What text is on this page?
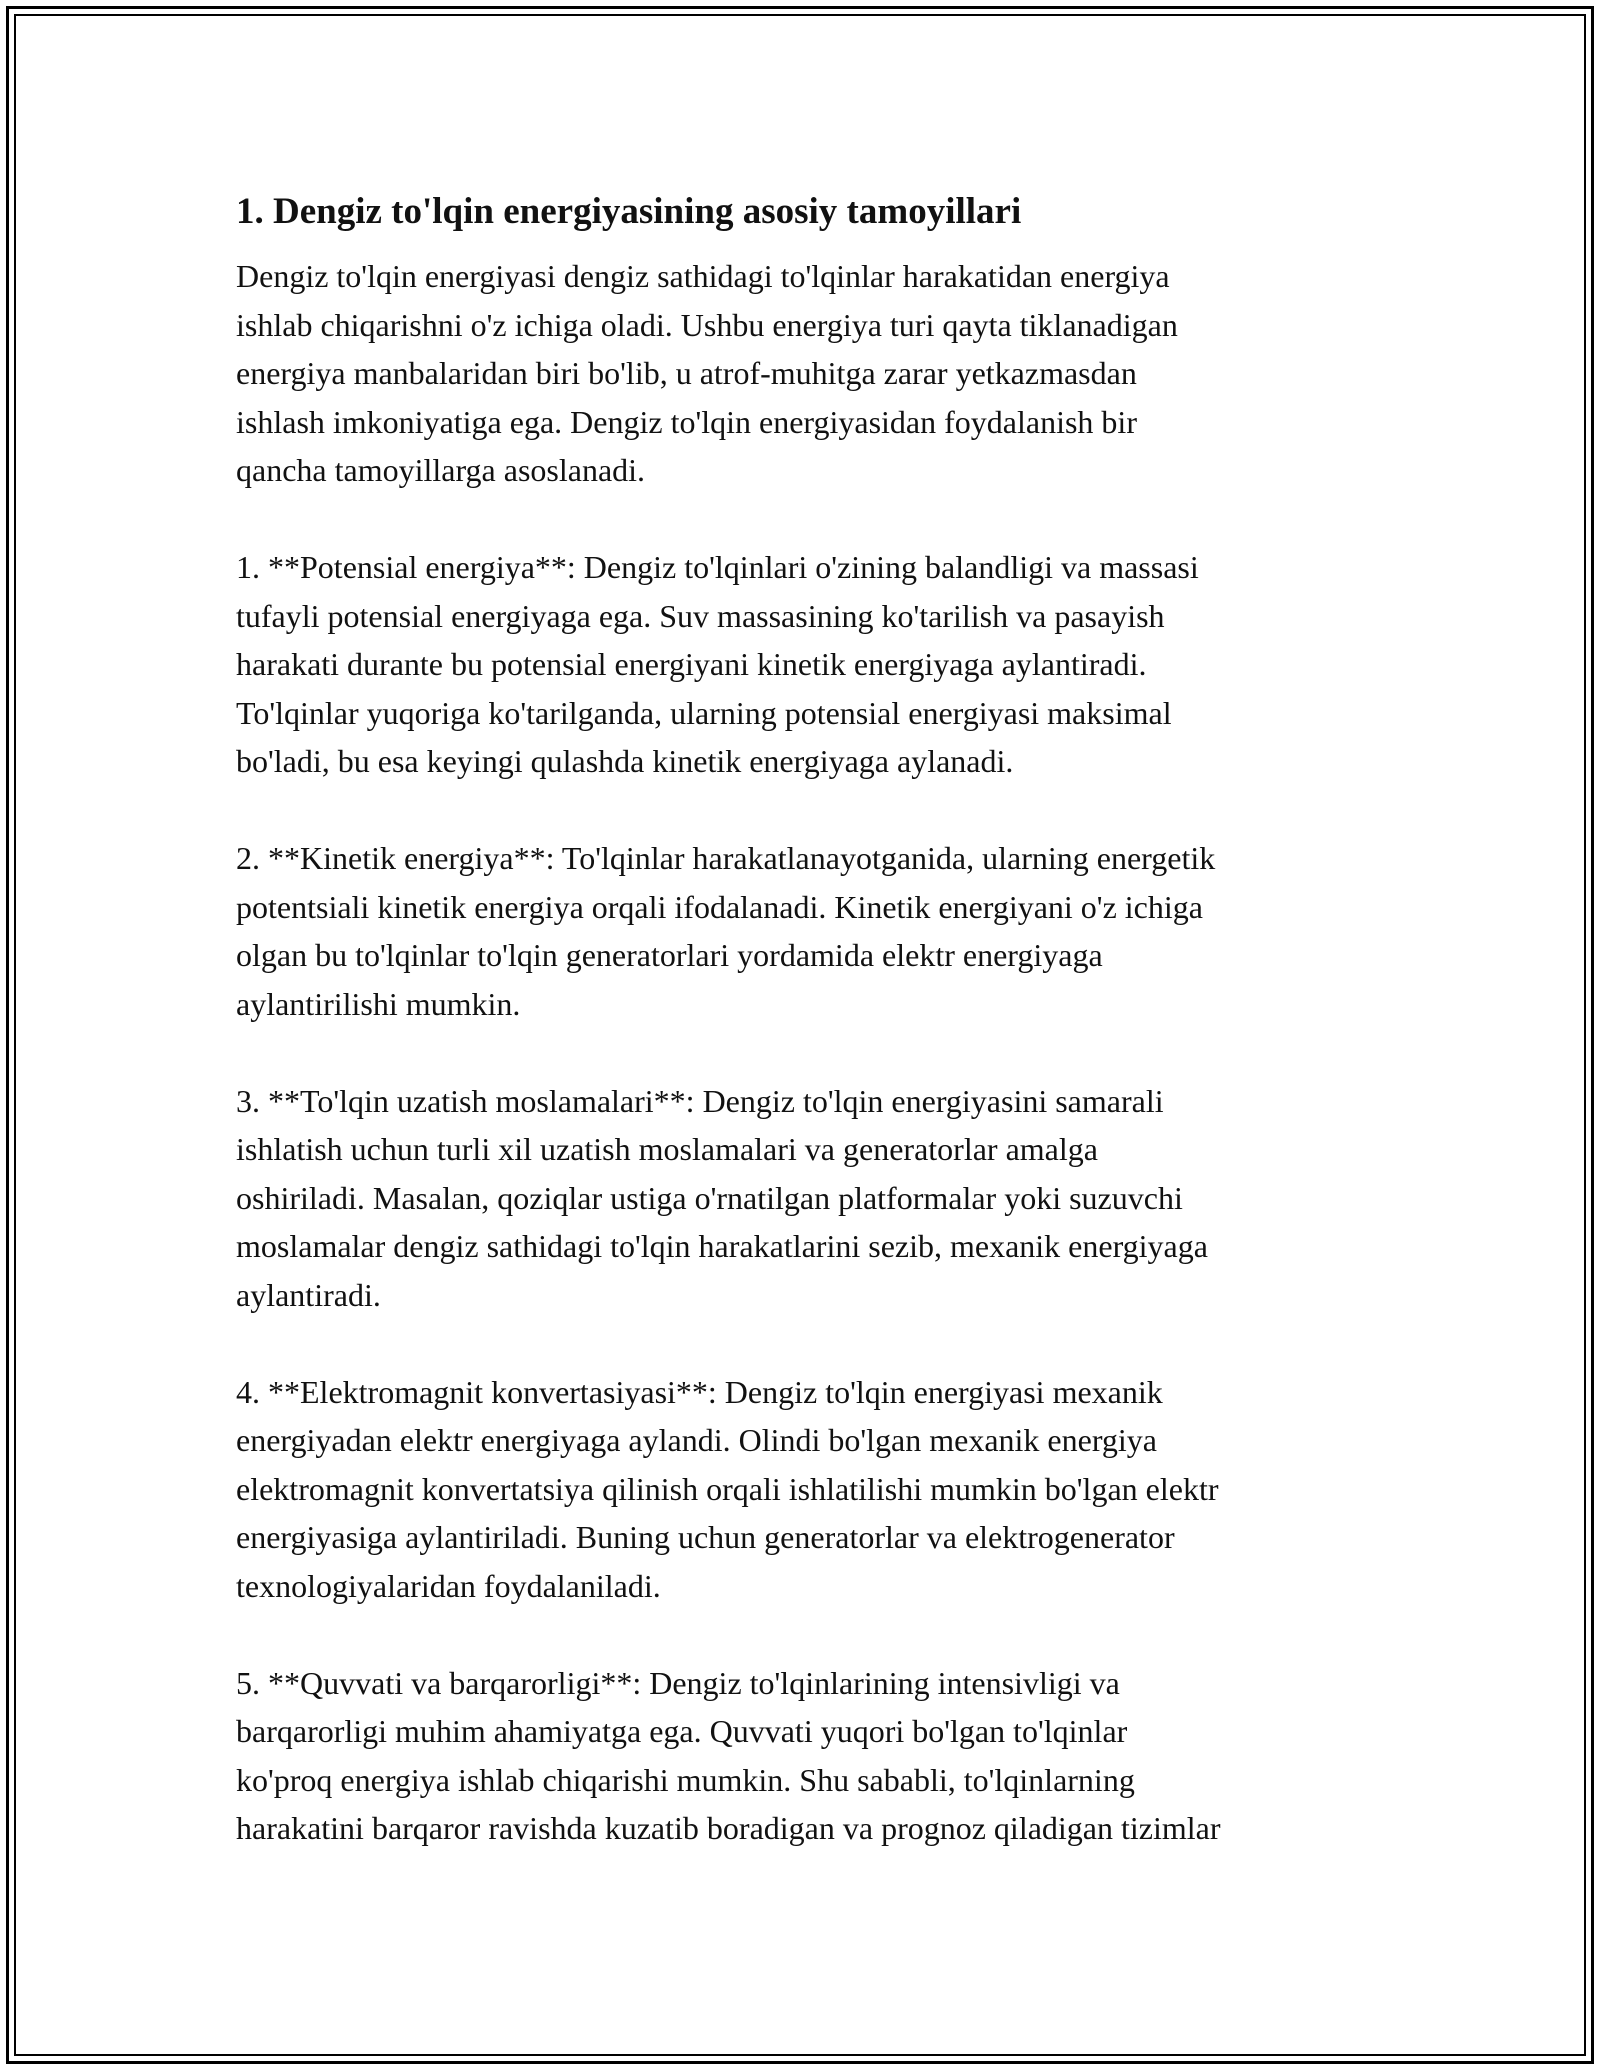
1. Dengiz to'lqin energiyasining asosiy tamoyillari

Dengiz to'lqin energiyasi dengiz sathidagi to'lqinlar harakatidan energiya
ishlab chiqarishni o'z ichiga oladi. Ushbu energiya turi qayta tiklanadigan
energiya manbalaridan biri bo'lib, u atrof-muhitga zarar yetkazmasdan
ishlash imkoniyatiga ega. Dengiz to'lqin energiyasidan foydalanish bir
qancha tamoyillarga asoslanadi.

1. **Potensial energiya**: Dengiz to'lqinlari o'zining balandligi va massasi
tufayli potensial energiyaga ega. Suv massasining ko'tarilish va pasayish
harakati durante bu potensial energiyani kinetik energiyaga aylantiradi.
To'lqinlar yuqoriga ko'tarilganda, ularning potensial energiyasi maksimal
bo'ladi, bu esa keyingi qulashda kinetik energiyaga aylanadi.

2. **Kinetik energiya**: To'lqinlar harakatlanayotganida, ularning energetik
potentsiali kinetik energiya orqali ifodalanadi. Kinetik energiyani o'z ichiga
olgan bu to'lqinlar to'lqin generatorlari yordamida elektr energiyaga
aylantirilishi mumkin.

3. **To'lqin uzatish moslamalari**: Dengiz to'lqin energiyasini samarali
ishlatish uchun turli xil uzatish moslamalari va generatorlar amalga
oshiriladi. Masalan, qoziqlar ustiga o'rnatilgan platformalar yoki suzuvchi
moslamalar dengiz sathidagi to'lqin harakatlarini sezib, mexanik energiyaga
aylantiradi.

4. **Elektromagnit konvertasiyasi**: Dengiz to'lqin energiyasi mexanik
energiyadan elektr energiyaga aylandi. Olindi bo'lgan mexanik energiya
elektromagnit konvertatsiya qilinish orqali ishlatilishi mumkin bo'lgan elektr
energiyasiga aylantiriladi. Buning uchun generatorlar va elektrogenerator
texnologiyalaridan foydalaniladi.

5. **Quvvati va barqarorligi**: Dengiz to'lqinlarining intensivligi va
barqarorligi muhim ahamiyatga ega. Quvvati yuqori bo'lgan to'lqinlar
ko'proq energiya ishlab chiqarishi mumkin. Shu sababli, to'lqinlarning
harakatini barqaror ravishda kuzatib boradigan va prognoz qiladigan tizimlar
